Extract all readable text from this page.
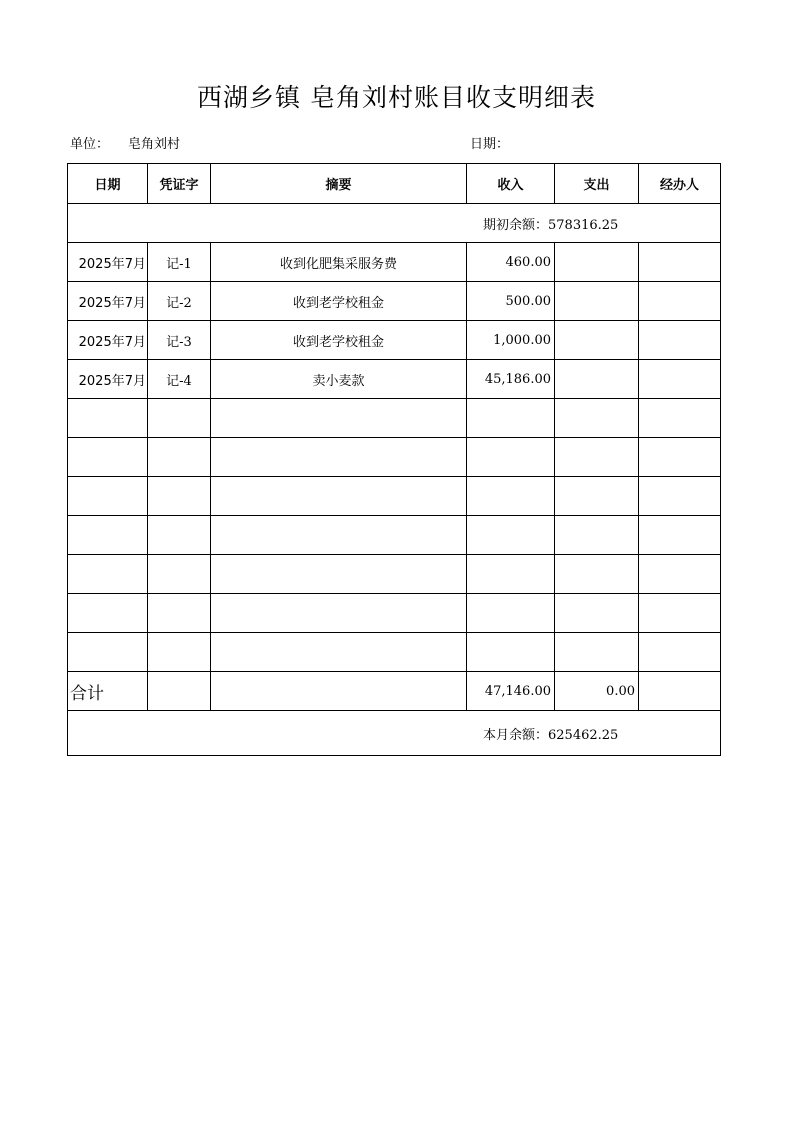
西湖乡镇 皂角刘村账目收支明细表
单位： 皂角刘村	日期：
日期	凭证字	摘要	收入	支出	经办人
期初余额：578316.25					
2025年7月	记-1	收到化肥集采服务费	460.00		
2025年7月	记-2	收到老学校租金	500.00		
2025年7月	记-3	收到老学校租金	1,000.00		
2025年7月	记-4	卖小麦款	45,186.00		

合计			47,146.00	0.00	
本月余额：625462.25					
